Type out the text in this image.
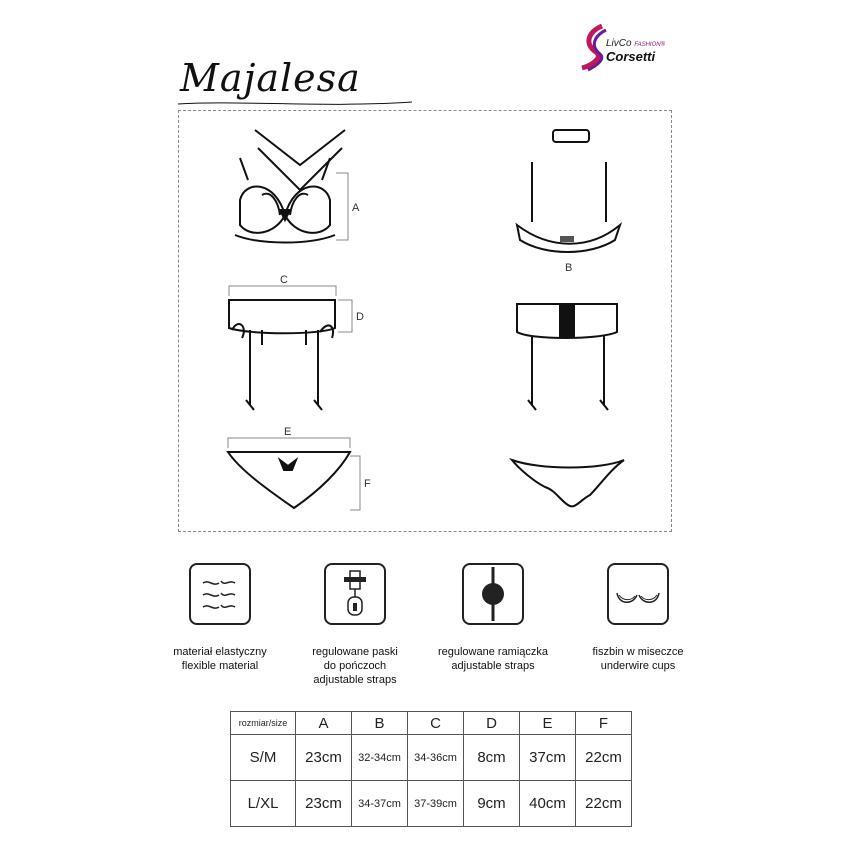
LivCo FASHION®
Corsetti
Majalesa
A
B
C
D
E
F
materiał elastyczny
flexible material
regulowane paski
do pończoch
adjustable straps
regulowane ramiączka
adjustable straps
fiszbin w miseczce
underwire cups
rozmiar/size	A	B	C	D	E	F
S/M	23cm	32-34cm	34-36cm	8cm	37cm	22cm
L/XL	23cm	34-37cm	37-39cm	9cm	40cm	22cm
